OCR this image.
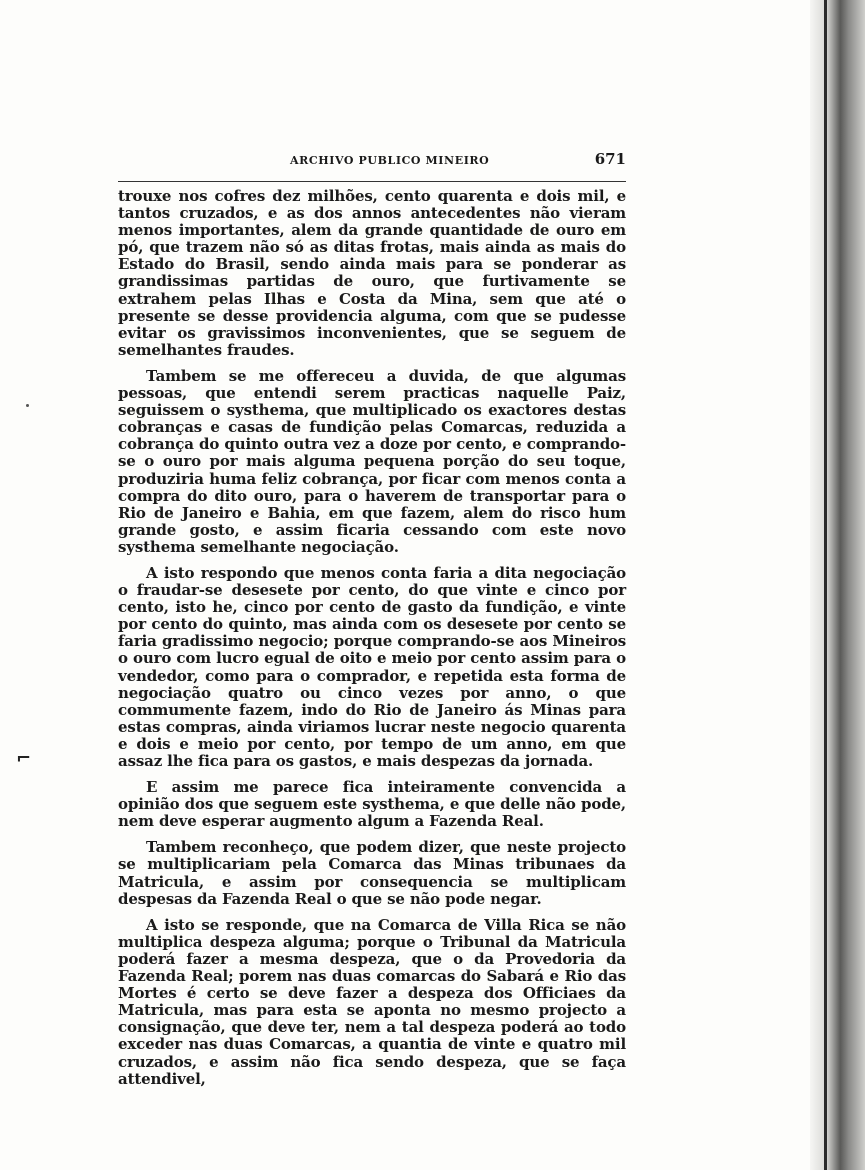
⌐
ARCHIVO PUBLICO MINEIRO	671

trouxe nos cofres dez milhões, cento quarenta e dois mil, e tantos cruzados, e as dos annos antecedentes não vieram menos importantes, alem da grande quantidade de ouro em pó, que trazem não só as ditas frotas, mais ainda as mais do Estado do Brasil, sendo ainda mais para se ponderar as grandissimas partidas de ouro, que furtivamente se extrahem pelas Ilhas e Costa da Mina, sem que até o presente se desse providencia alguma, com que se pudesse evitar os gravissimos inconvenientes, que se seguem de semelhantes fraudes.

Tambem se me offereceu a duvida, de que algumas pessoas, que entendi serem practicas naquelle Paiz, seguissem o systhema, que multiplicado os exactores destas cobranças e casas de fundição pelas Comarcas, reduzida a cobrança do quinto outra vez a doze por cento, e comprando-se o ouro por mais alguma pequena porção do seu toque, produziria huma feliz cobrança, por ficar com menos conta a compra do dito ouro, para o haverem de transportar para o Rio de Janeiro e Bahia, em que fazem, alem do risco hum grande gosto, e assim ficaria cessando com este novo systhema semelhante negociação.

A isto respondo que menos conta faria a dita negociação o fraudar-se desesete por cento, do que vinte e cinco por cento, isto he, cinco por cento de gasto da fundição, e vinte por cento do quinto, mas ainda com os desesete por cento se faria gradissimo negocio; porque comprando-se aos Mineiros o ouro com lucro egual de oito e meio por cento assim para o vendedor, como para o comprador, e repetida esta forma de negociação quatro ou cinco vezes por anno, o que commumente fazem, indo do Rio de Janeiro ás Minas para estas compras, ainda viriamos lucrar neste negocio quarenta e dois e meio por cento, por tempo de um anno, em que assaz lhe fica para os gastos, e mais despezas da jornada.

E assim me parece fica inteiramente convencida a opinião dos que seguem este systhema, e que delle não pode, nem deve esperar augmento algum a Fazenda Real.

Tambem reconheço, que podem dizer, que neste projecto se multiplicariam pela Comarca das Minas tribunaes da Matricula, e assim por consequencia se multiplicam despesas da Fazenda Real o que se não pode negar.

A isto se responde, que na Comarca de Villa Rica se não multiplica despeza alguma; porque o Tribunal da Matricula poderá fazer a mesma despeza, que o da Provedoria da Fazenda Real; porem nas duas comarcas do Sabará e Rio das Mortes é certo se deve fazer a despeza dos Officiaes da Matricula, mas para esta se aponta no mesmo projecto a consignação, que deve ter, nem a tal despeza poderá ao todo exceder nas duas Comarcas, a quantia de vinte e quatro mil cruzados, e assim não fica sendo despeza, que se faça attendivel,
